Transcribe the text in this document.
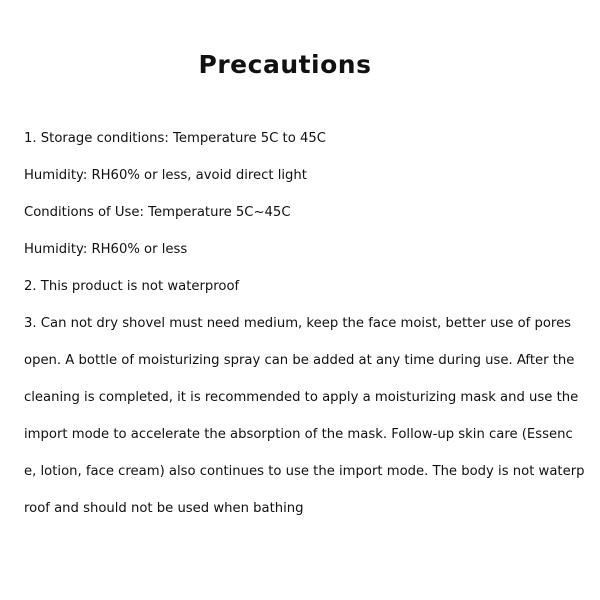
Precautions

1. Storage conditions: Temperature 5C to 45C

Humidity: RH60% or less, avoid direct light

Conditions of Use: Temperature 5C~45C

Humidity: RH60% or less

2. This product is not waterproof

3. Can not dry shovel must need medium, keep the face moist, better use of pores

open. A bottle of moisturizing spray can be added at any time during use. After the

cleaning is completed, it is recommended to apply a moisturizing mask and use the

import mode to accelerate the absorption of the mask. Follow-up skin care (Essenc

e, lotion, face cream) also continues to use the import mode. The body is not waterp

roof and should not be used when bathing
